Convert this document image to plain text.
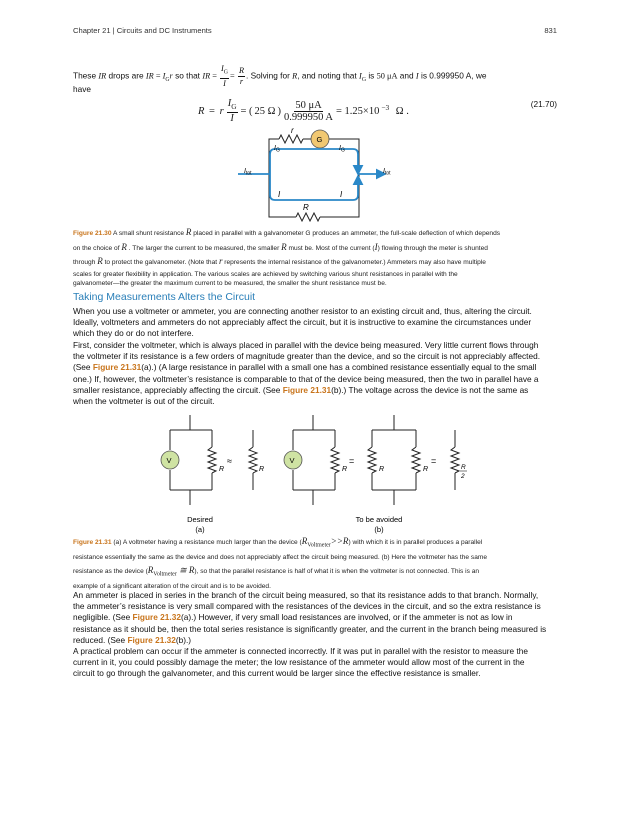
Chapter 21 | Circuits and DC Instruments	831
These IR drops are IR = $I_Gr$ so that IR = $\frac{I_G}{I} = \frac{R}{r}$ . Solving for R, and noting that $I_G$ is 50 μA and I is 0.999950 A, we
have
R = r $\frac{I_G}{I}$ = ( 25 Ω ) $\frac{50 \mu A}{0.999950 A} = 1.25\times 10$ $^{-3}$
Ω .
(21.70)
r
G
R
$I_G$	$I_G$
$I_{tot}$	$I_{tot}$
I	I
Figure 21.30 A small shunt resistance R placed in parallel with a galvanometer G produces an ammeter, the full-scale deflection of which depends
on the choice of R . The larger the current to be measured, the smaller R must be. Most of the current (I) flowing through the meter is shunted
through R to protect the galvanometer. (Note that r represents the internal resistance of the galvanometer.) Ammeters may also have multiple
scales for greater flexibility in application. The various scales are achieved by switching various shunt resistances in parallel with the
galvanometer—the greater the maximum current to be measured, the smaller the shunt resistance must be.
Taking Measurements Alters the Circuit
When you use a voltmeter or ammeter, you are connecting another resistor to an existing circuit and, thus, altering the circuit.
Ideally, voltmeters and ammeters do not appreciably affect the circuit, but it is instructive to examine the circumstances under
which they do or do not interfere.
First, consider the voltmeter, which is always placed in parallel with the device being measured. Very little current flows through
the voltmeter if its resistance is a few orders of magnitude greater than the device, and so the circuit is not appreciably affected.
(See Figure 21.31(a).) (A large resistance in parallel with a small one has a combined resistance essentially equal to the small
one.) If, however, the voltmeter’s resistance is comparable to that of the device being measured, then the two in parallel have a
smaller resistance, appreciably affecting the circuit. (See Figure 21.31(b).) The voltage across the device is not the same as
when the voltmeter is out of the circuit.
V	V
R	R	R	R	R	R
2
≈	=	=
Desired
(a)
To be avoided
(b)
Figure 21.31 (a) A voltmeter having a resistance much larger than the device $(R_{Voltmeter}>>R)$ with which it is in parallel produces a parallel
resistance essentially the same as the device and does not appreciably affect the circuit being measured. (b) Here the voltmeter has the same
resistance as the device ($R_{Voltmeter}$ ≅ R), so that the parallel resistance is half of what it is when the voltmeter is not connected. This is an
example of a significant alteration of the circuit and is to be avoided.
An ammeter is placed in series in the branch of the circuit being measured, so that its resistance adds to that branch. Normally,
the ammeter’s resistance is very small compared with the resistances of the devices in the circuit, and so the extra resistance is
negligible. (See Figure 21.32(a).) However, if very small load resistances are involved, or if the ammeter is not as low in
resistance as it should be, then the total series resistance is significantly greater, and the current in the branch being measured is
reduced. (See Figure 21.32(b).)
A practical problem can occur if the ammeter is connected incorrectly. If it was put in parallel with the resistor to measure the
current in it, you could possibly damage the meter; the low resistance of the ammeter would allow most of the current in the
circuit to go through the galvanometer, and this current would be larger since the effective resistance is smaller.
